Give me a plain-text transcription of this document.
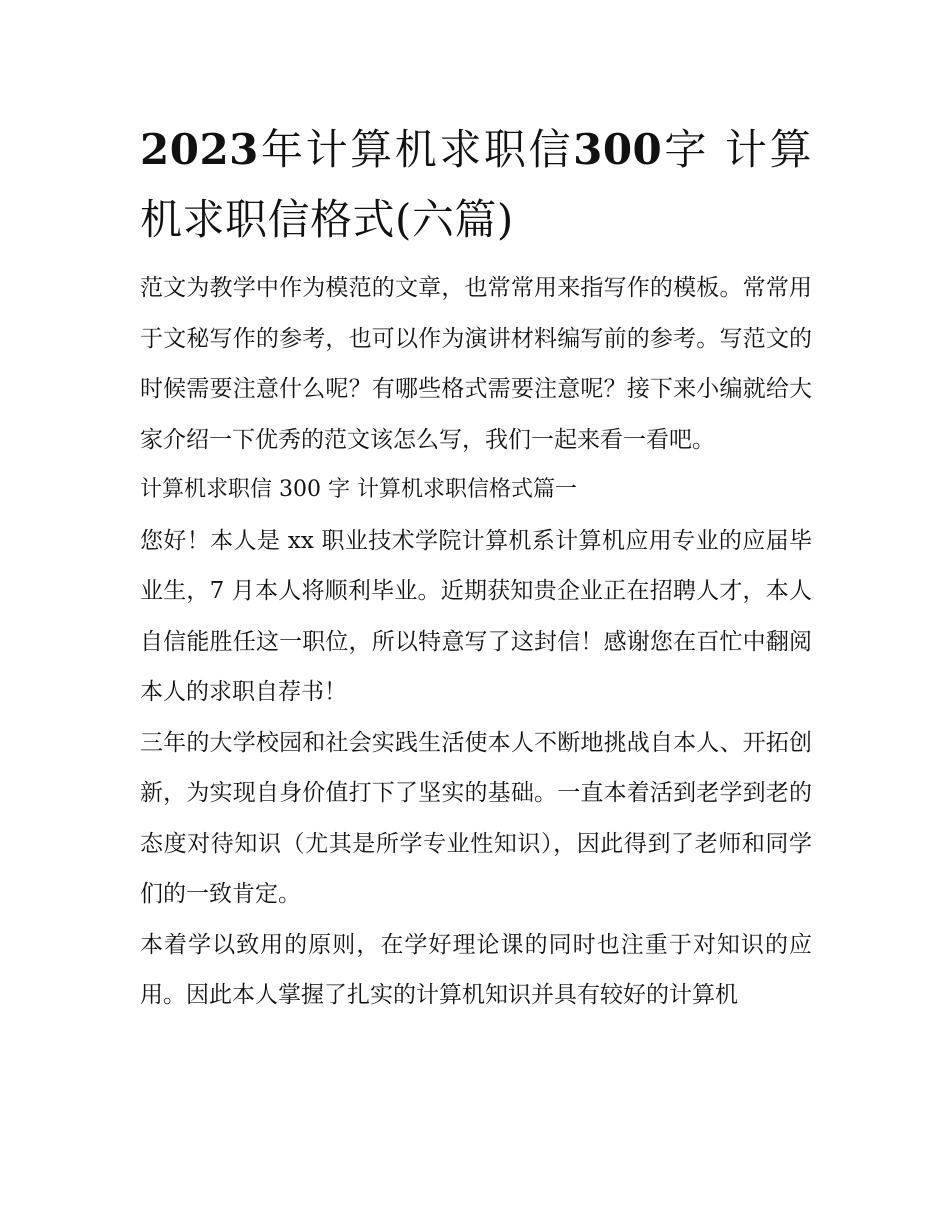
2023年计算机求职信300字 计算机求职信格式(六篇)

范文为教学中作为模范的文章，也常常用来指写作的模板。常常用于文秘写作的参考，也可以作为演讲材料编写前的参考。写范文的时候需要注意什么呢？有哪些格式需要注意呢？接下来小编就给大家介绍一下优秀的范文该怎么写，我们一起来看一看吧。

计算机求职信 300 字 计算机求职信格式篇一

您好！本人是 xx 职业技术学院计算机系计算机应用专业的应届毕业生，7 月本人将顺利毕业。近期获知贵企业正在招聘人才，本人自信能胜任这一职位，所以特意写了这封信！感谢您在百忙中翻阅本人的求职自荐书！

三年的大学校园和社会实践生活使本人不断地挑战自本人、开拓创新，为实现自身价值打下了坚实的基础。一直本着活到老学到老的态度对待知识（尤其是所学专业性知识），因此得到了老师和同学们的一致肯定。

本着学以致用的原则，在学好理论课的同时也注重于对知识的应用。因此本人掌握了扎实的计算机知识并具有较好的计算机
